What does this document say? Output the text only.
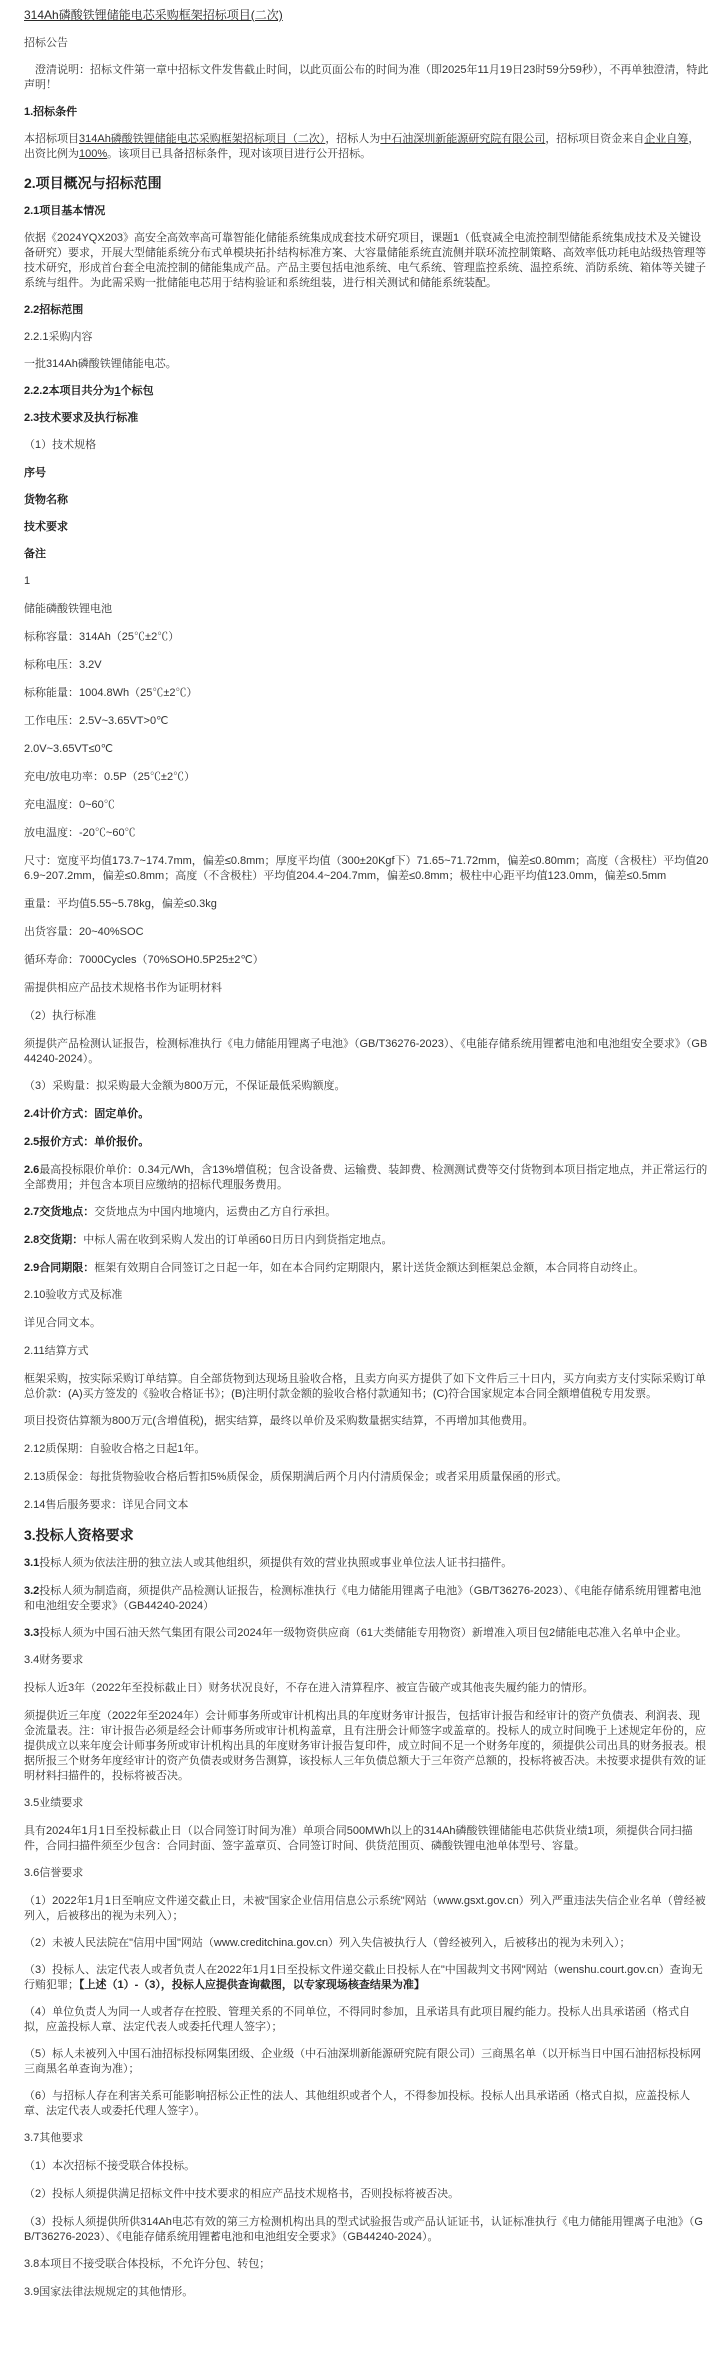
314Ah磷酸铁锂储能电芯采购框架招标项目(二次)
招标公告
　澄清说明：招标文件第一章中招标文件发售截止时间，以此页面公布的时间为准（即2025年11月19日23时59分59秒），不再单独澄清，特此声明！
1.招标条件
本招标项目314Ah磷酸铁锂储能电芯采购框架招标项目（二次），招标人为中石油深圳新能源研究院有限公司，招标项目资金来自企业自筹，出资比例为100%。该项目已具备招标条件，现对该项目进行公开招标。
2.项目概况与招标范围
2.1项目基本情况
依据《2024YQX203》高安全高效率高可靠智能化储能系统集成成套技术研究项目，课题1（低衰减全电流控制型储能系统集成技术及关键设备研究）要求，开展大型储能系统分布式单模块拓扑结构标准方案、大容量储能系统直流侧并联环流控制策略、高效率低功耗电站级热管理等技术研究，形成首台套全电流控制的储能集成产品。产品主要包括电池系统、电气系统、管理监控系统、温控系统、消防系统、箱体等关键子系统与组件。为此需采购一批储能电芯用于结构验证和系统组装，进行相关测试和储能系统装配。
2.2招标范围
2.2.1采购内容
一批314Ah磷酸铁锂储能电芯。
2.2.2本项目共分为1个标包
2.3技术要求及执行标准
（1）技术规格
序号
货物名称
技术要求
备注
1
储能磷酸铁锂电池
标称容量：314Ah（25℃±2℃）
标称电压：3.2V
标称能量：1004.8Wh（25℃±2℃）
工作电压：2.5V~3.65VT>0℃
2.0V~3.65VT≤0℃
充电/放电功率：0.5P（25℃±2℃）
充电温度：0~60℃
放电温度：-20℃~60℃
尺寸：宽度平均值173.7~174.7mm，偏差≤0.8mm；厚度平均值（300±20Kgf下）71.65~71.72mm，偏差≤0.80mm；高度（含极柱）平均值206.9~207.2mm，偏差≤0.8mm；高度（不含极柱）平均值204.4~204.7mm，偏差≤0.8mm；极柱中心距平均值123.0mm，偏差≤0.5mm
重量：平均值5.55~5.78kg，偏差≤0.3kg
出货容量：20~40%SOC
循环寿命：7000Cycles（70%SOH0.5P25±2℃）
需提供相应产品技术规格书作为证明材料
（2）执行标准
须提供产品检测认证报告，检测标准执行《电力储能用锂离子电池》（GB/T36276-2023）、《电能存储系统用锂蓄电池和电池组安全要求》（GB44240-2024）。
（3）采购量：拟采购最大金额为800万元，不保证最低采购额度。
2.4计价方式：固定单价。
2.5报价方式：单价报价。
2.6最高投标限价单价：0.34元/Wh，含13%增值税；包含设备费、运输费、装卸费、检测测试费等交付货物到本项目指定地点，并正常运行的全部费用；并包含本项目应缴纳的招标代理服务费用。
2.7交货地点：交货地点为中国内地境内，运费由乙方自行承担。
2.8交货期：中标人需在收到采购人发出的订单函60日历日内到货指定地点。
2.9合同期限：框架有效期自合同签订之日起一年，如在本合同约定期限内，累计送货金额达到框架总金额，本合同将自动终止。
2.10验收方式及标准
详见合同文本。
2.11结算方式
框架采购，按实际采购订单结算。自全部货物到达现场且验收合格，且卖方向买方提供了如下文件后三十日内，买方向卖方支付实际采购订单总价款：(A)买方签发的《验收合格证书》；(B)注明付款金额的验收合格付款通知书；(C)符合国家规定本合同全额增值税专用发票。
项目投资估算额为800万元(含增值税)，据实结算，最终以单价及采购数量据实结算，不再增加其他费用。
2.12质保期：自验收合格之日起1年。
2.13质保金：每批货物验收合格后暂扣5%质保金，质保期满后两个月内付清质保金；或者采用质量保函的形式。
2.14售后服务要求：详见合同文本
3.投标人资格要求
3.1投标人须为依法注册的独立法人或其他组织，须提供有效的营业执照或事业单位法人证书扫描件。
3.2投标人须为制造商，须提供产品检测认证报告，检测标准执行《电力储能用锂离子电池》（GB/T36276-2023）、《电能存储系统用锂蓄电池和电池组安全要求》（GB44240-2024）
3.3投标人须为中国石油天然气集团有限公司2024年一级物资供应商（61大类储能专用物资）新增准入项目包2储能电芯准入名单中企业。
3.4财务要求
投标人近3年（2022年至投标截止日）财务状况良好，不存在进入清算程序、被宣告破产或其他丧失履约能力的情形。
须提供近三年度（2022年至2024年）会计师事务所或审计机构出具的年度财务审计报告，包括审计报告和经审计的资产负债表、利润表、现金流量表。注：审计报告必须是经会计师事务所或审计机构盖章，且有注册会计师签字或盖章的。投标人的成立时间晚于上述规定年份的，应提供成立以来年度会计师事务所或审计机构出具的年度财务审计报告复印件，成立时间不足一个财务年度的，须提供公司出具的财务报表。根据所报三个财务年度经审计的资产负债表或财务告测算，该投标人三年负债总额大于三年资产总额的，投标将被否决。未按要求提供有效的证明材料扫描件的，投标将被否决。
3.5业绩要求
具有2024年1月1日至投标截止日（以合同签订时间为准）单项合同500MWh以上的314Ah磷酸铁锂储能电芯供货业绩1项，须提供合同扫描件，合同扫描件须至少包含：合同封面、签字盖章页、合同签订时间、供货范围页、磷酸铁锂电池单体型号、容量。
3.6信誉要求
（1）2022年1月1日至响应文件递交截止日，未被"国家企业信用信息公示系统"网站（www.gsxt.gov.cn）列入严重违法失信企业名单（曾经被列入，后被移出的视为未列入）；
（2）未被人民法院在"信用中国"网站（www.creditchina.gov.cn）列入失信被执行人（曾经被列入，后被移出的视为未列入）；
（3）投标人、法定代表人或者负责人在2022年1月1日至投标文件递交截止日投标人在"中国裁判文书网"网站（wenshu.court.gov.cn）查询无行贿犯罪；【上述（1）-（3），投标人应提供查询截图，以专家现场核查结果为准】
（4）单位负责人为同一人或者存在控股、管理关系的不同单位，不得同时参加，且承诺具有此项目履约能力。投标人出具承诺函（格式自拟，应盖投标人章、法定代表人或委托代理人签字）；
（5）标人未被列入中国石油招标投标网集团级、企业级（中石油深圳新能源研究院有限公司）三商黑名单（以开标当日中国石油招标投标网三商黑名单查询为准）；
（6）与招标人存在利害关系可能影响招标公正性的法人、其他组织或者个人，不得参加投标。投标人出具承诺函（格式自拟，应盖投标人章、法定代表人或委托代理人签字）。
3.7其他要求
（1）本次招标不接受联合体投标。
（2）投标人须提供满足招标文件中技术要求的相应产品技术规格书，否则投标将被否决。
（3）投标人须提供所供314Ah电芯有效的第三方检测机构出具的型式试验报告或产品认证证书，认证标准执行《电力储能用锂离子电池》（GB/T36276-2023）、《电能存储系统用锂蓄电池和电池组安全要求》（GB44240-2024）。
3.8本项目不接受联合体投标，不允许分包、转包；
3.9国家法律法规规定的其他情形。
